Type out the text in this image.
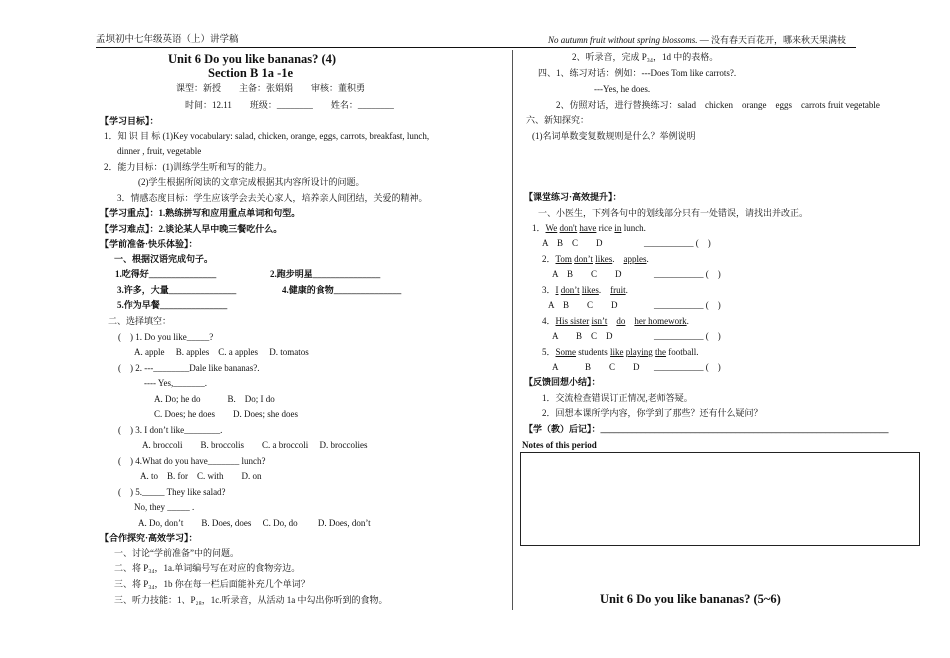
孟坝初中七年级英语（上）讲学稿	No autumn fruit without spring blossoms. — 没有春天百花开，哪来秋天果满枝
Unit 6 Do you like bananas? (4)
Section B 1a -1e
课型：新授　　主备：张娟娟　　审核：董积勇
时间：12.11　　班级：________　　姓名：________
【学习目标】：
1．知 识 目 标 (1)Key vocabulary: salad, chicken, orange, eggs, carrots, breakfast, lunch,
dinner , fruit, vegetable
2．能力目标：(1)训练学生听和写的能力。
(2)学生根据所阅读的文章完成根据其内容所设计的问题。
3．情感态度目标：学生应该学会去关心家人，培养亲人间团结，关爱的精神。
【学习重点】：1.熟练拼写和应用重点单词和句型。
【学习难点】：2.谈论某人早中晚三餐吃什么。
【学前准备·快乐体验】：
一、根据汉语完成句子。
1.吃得好_______________	2.跑步明星_______________
3.许多，大量_______________	4.健康的食物_______________
5.作为早餐_______________
二、选择填空：
(　) 1. Do you like_____?
A. apple　 B. apples　C. a apples　 D. tomatos
(　) 2. ---________Dale like bananas?.
---- Yes,_______.
A. Do; he do　　　B.　Do; I do
C. Does; he does　　D. Does; she does
(　) 3. I don’t like________.
A. broccoli　　B. broccolis　　C. a broccoli　 D. broccolies
(　) 4.What do you have_______ lunch?
A. to　B. for　C. with　　D. on
(　) 5._____ They like salad?
No, they _____ .
A. Do, don’t　　B. Does, does　 C. Do, do　　 D. Does, don’t
【合作探究·高效学习】：
一、讨论“学前准备”中的问题。
二、将 P₃₄，1a.单词编号写在对应的食物旁边。
三、将 P₃₄，1b 你在每一栏后面能补充几个单词？
三、听力技能：1、P₂₈，1c.听录音，从活动 1a 中勾出你听到的食物。
2、听录音，完成 P₃₄，1d 中的表格。
四、1、练习对话：例如：---Does Tom like carrots?.
---Yes, he does.
2、仿照对话，进行替换练习：salad　chicken　orange　eggs　carrots fruit vegetable
六、新知探究：
(1)名词单数变复数规则是什么？举例说明
【课堂练习·高效提升】：
一、小医生，下列各句中的划线部分只有一处错误，请找出并改正。
1．We don't have rice in lunch.
A　B　C　　D	___________ (　)
2．Tom don’t likes.　apples.
A　B　　C　　D	___________ (　)
3．I don’t likes.　fruit.
A　B　　C　　D	___________ (　)
4．His sister isn’t　 do　 her homework.
A　　B　C　D	___________ (　)
5．Some students like playing the football.
A　　　B　　C　　D ___________ (　)
【反馈回想小结】：
1．交流检查错误订正情况,老师答疑。
2．回想本课所学内容，你学到了那些？还有什么疑问？
【学（教）后记】：________________________________________________________________
Notes of this period
Unit 6 Do you like bananas? (5~6)
